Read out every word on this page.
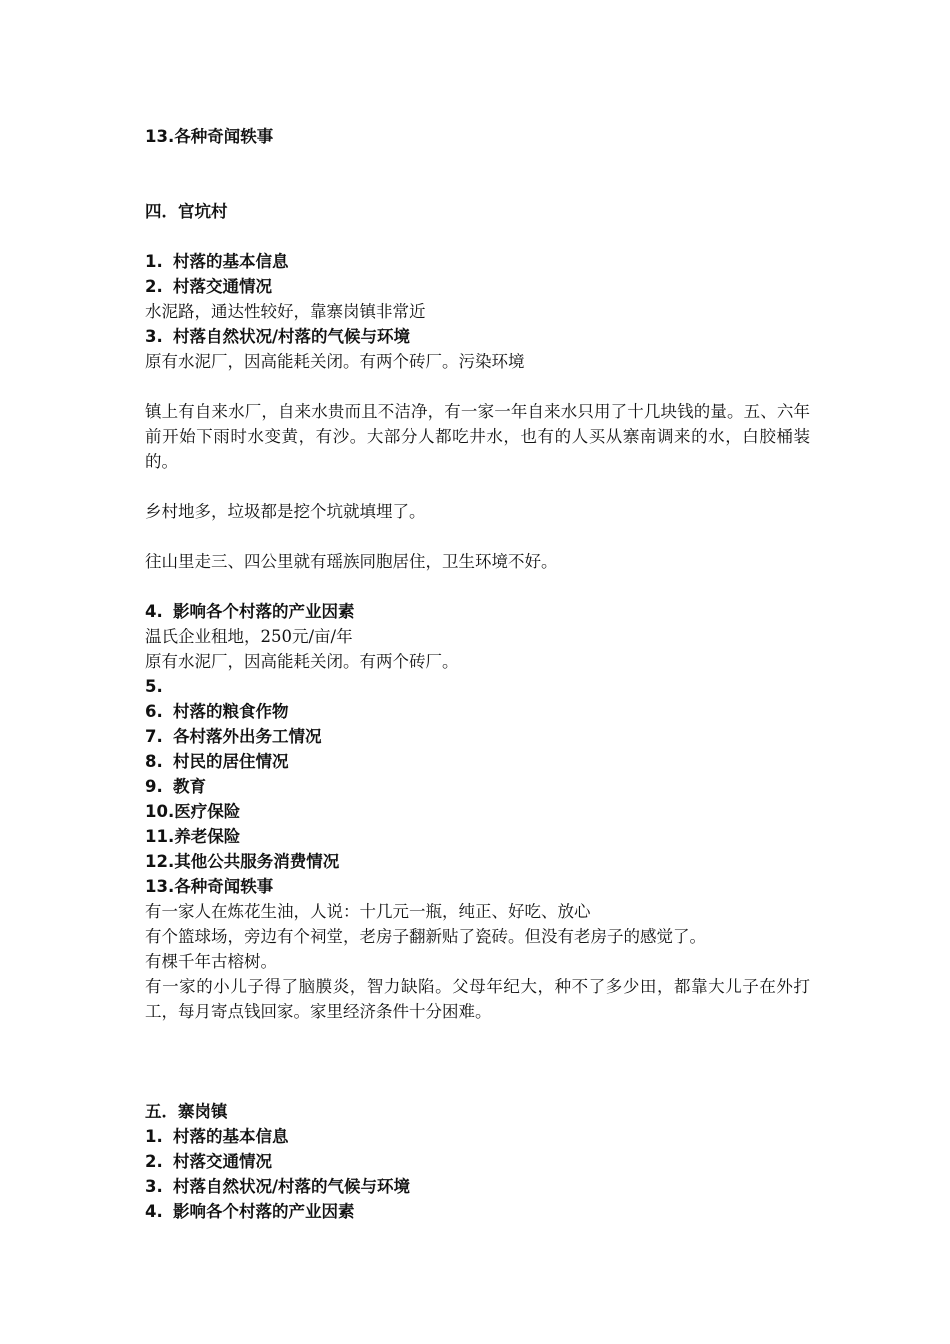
13.各种奇闻轶事
四．官坑村
1. 村落的基本信息
2. 村落交通情况
水泥路，通达性较好，靠寨岗镇非常近
3. 村落自然状况/村落的气候与环境
原有水泥厂，因高能耗关闭。有两个砖厂。污染环境
镇上有自来水厂，自来水贵而且不洁净，有一家一年自来水只用了十几块钱的量。五、六年前开始下雨时水变黄，有沙。大部分人都吃井水，也有的人买从寨南调来的水，白胶桶装的。
乡村地多，垃圾都是挖个坑就填埋了。
往山里走三、四公里就有瑶族同胞居住，卫生环境不好。
4. 影响各个村落的产业因素
温氏企业租地，250元/亩/年
原有水泥厂，因高能耗关闭。有两个砖厂。
5.
6. 村落的粮食作物
7. 各村落外出务工情况
8. 村民的居住情况
9. 教育
10.医疗保险
11.养老保险
12.其他公共服务消费情况
13.各种奇闻轶事
有一家人在炼花生油，人说：十几元一瓶，纯正、好吃、放心
有个篮球场，旁边有个祠堂，老房子翻新贴了瓷砖。但没有老房子的感觉了。
有棵千年古榕树。
有一家的小儿子得了脑膜炎，智力缺陷。父母年纪大，种不了多少田，都靠大儿子在外打工，每月寄点钱回家。家里经济条件十分困难。
五．寨岗镇
1. 村落的基本信息
2. 村落交通情况
3. 村落自然状况/村落的气候与环境
4. 影响各个村落的产业因素
